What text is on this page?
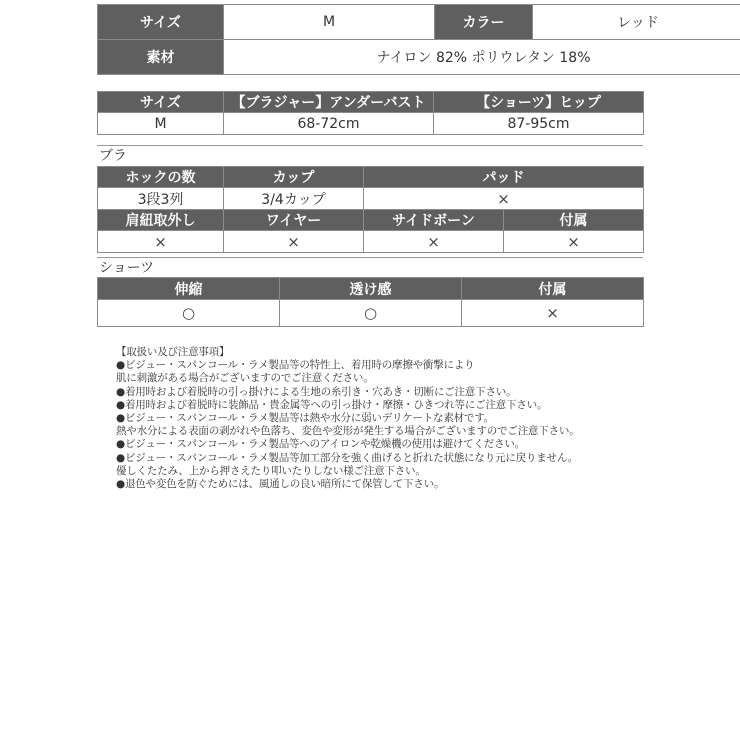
サイズ	M	カラー	レッド
素材	ナイロン 82% ポリウレタン 18%		
サイズ	【ブラジャー】アンダーバスト	【ショーツ】ヒップ
M	68-72cm	87-95cm
ブラ
ホックの数	カップ	パッド	
3段3列	3/4カップ	×	
肩紐取外し	ワイヤー	サイドボーン	付属
×	×	×	×
ショーツ
伸縮	透け感	付属
○	○	×
【取扱い及び注意事項】
●ビジュー・スパンコール・ラメ製品等の特性上、着用時の摩擦や衝撃により
肌に刺激がある場合がございますのでご注意ください。
●着用時および着脱時の引っ掛けによる生地の糸引き・穴あき・切断にご注意下さい。
●着用時および着脱時に装飾品・貴金属等への引っ掛け・摩擦・ひきつれ等にご注意下さい。
●ビジュー・スパンコール・ラメ製品等は熱や水分に弱いデリケートな素材です。
熱や水分による表面の剥がれや色落ち、変色や変形が発生する場合がございますのでご注意下さい。
●ビジュー・スパンコール・ラメ製品等へのアイロンや乾燥機の使用は避けてください。
●ビジュー・スパンコール・ラメ製品等加工部分を強く曲げると折れた状態になり元に戻りません。
優しくたたみ、上から押さえたり叩いたりしない様ご注意下さい。
●退色や変色を防ぐためには、風通しの良い暗所にて保管して下さい。
